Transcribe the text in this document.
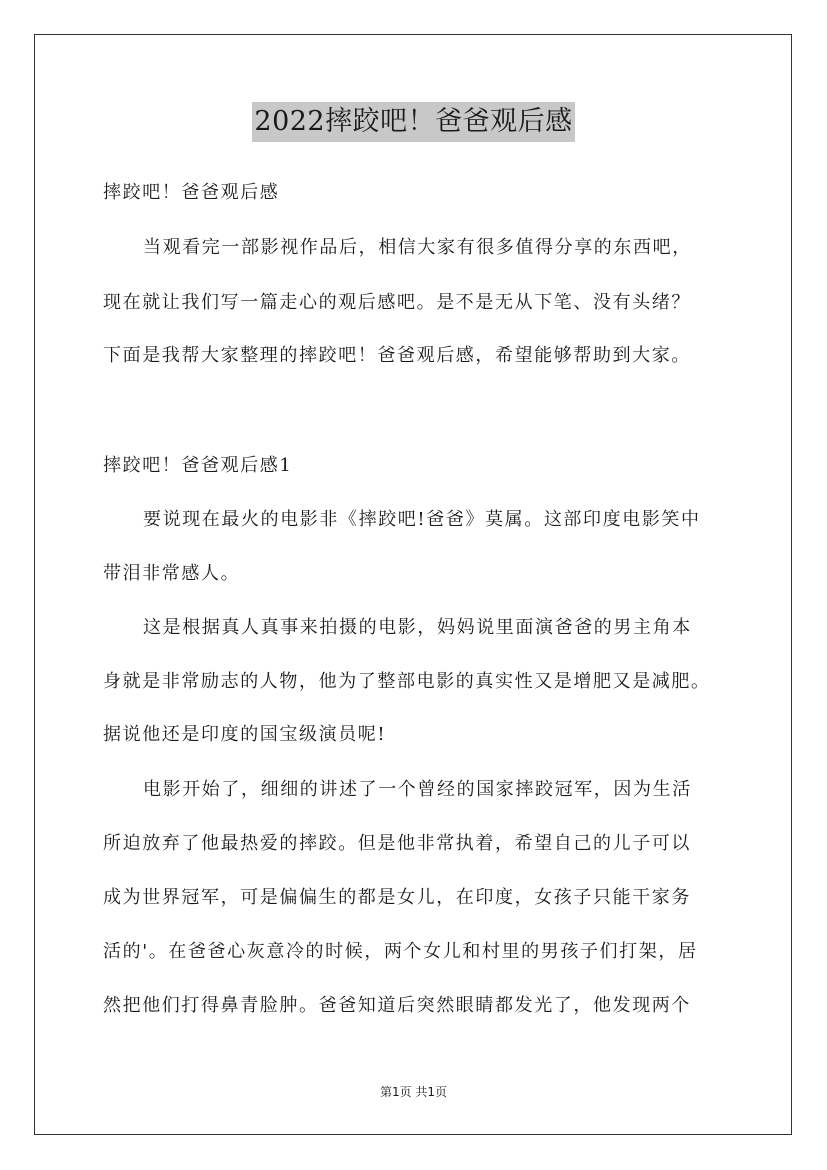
2022摔跤吧！爸爸观后感
摔跤吧！爸爸观后感
当观看完一部影视作品后，相信大家有很多值得分享的东西吧，
现在就让我们写一篇走心的观后感吧。是不是无从下笔、没有头绪？
下面是我帮大家整理的摔跤吧！爸爸观后感，希望能够帮助到大家。
摔跤吧！爸爸观后感1
要说现在最火的电影非《摔跤吧!爸爸》莫属。这部印度电影笑中
带泪非常感人。
这是根据真人真事来拍摄的电影，妈妈说里面演爸爸的男主角本
身就是非常励志的人物，他为了整部电影的真实性又是增肥又是减肥。
据说他还是印度的国宝级演员呢!
电影开始了，细细的讲述了一个曾经的国家摔跤冠军，因为生活
所迫放弃了他最热爱的摔跤。但是他非常执着，希望自己的儿子可以
成为世界冠军，可是偏偏生的都是女儿，在印度，女孩子只能干家务
活的'。在爸爸心灰意冷的时候，两个女儿和村里的男孩子们打架，居
然把他们打得鼻青脸肿。爸爸知道后突然眼睛都发光了，他发现两个
第1页 共1页
